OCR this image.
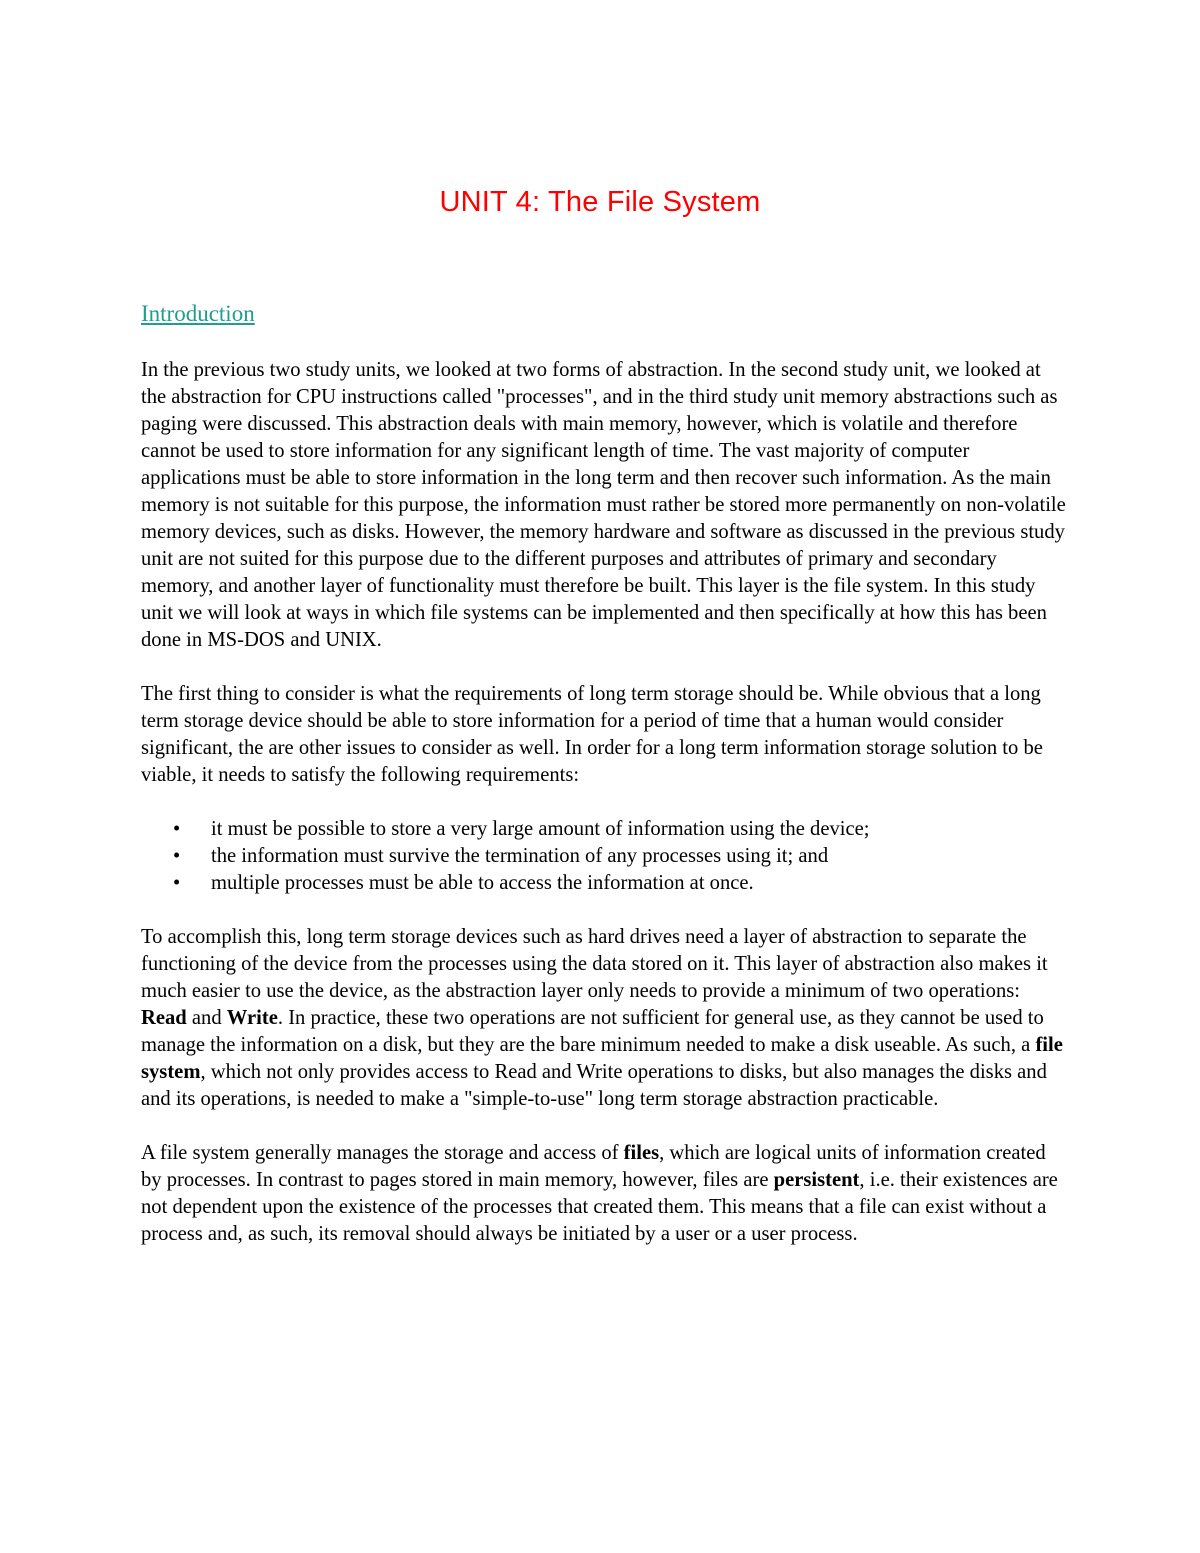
UNIT 4: The File System
Introduction

In the previous two study units, we looked at two forms of abstraction. In the second study unit, we looked at the abstraction for CPU instructions called "processes", and in the third study unit memory abstractions such as paging were discussed. This abstraction deals with main memory, however, which is volatile and therefore cannot be used to store information for any significant length of time. The vast majority of computer applications must be able to store information in the long term and then recover such information. As the main memory is not suitable for this purpose, the information must rather be stored more permanently on non-volatile memory devices, such as disks. However, the memory hardware and software as discussed in the previous study unit are not suited for this purpose due to the different purposes and attributes of primary and secondary memory, and another layer of functionality must therefore be built. This layer is the file system. In this study unit we will look at ways in which file systems can be implemented and then specifically at how this has been done in MS-DOS and UNIX.

The first thing to consider is what the requirements of long term storage should be. While obvious that a long term storage device should be able to store information for a period of time that a human would consider significant, the are other issues to consider as well. In order for a long term information storage solution to be viable, it needs to satisfy the following requirements:

• it must be possible to store a very large amount of information using the device;
• the information must survive the termination of any processes using it; and
• multiple processes must be able to access the information at once.

To accomplish this, long term storage devices such as hard drives need a layer of abstraction to separate the functioning of the device from the processes using the data stored on it. This layer of abstraction also makes it much easier to use the device, as the abstraction layer only needs to provide a minimum of two operations: Read and Write. In practice, these two operations are not sufficient for general use, as they cannot be used to manage the information on a disk, but they are the bare minimum needed to make a disk useable. As such, a file system, which not only provides access to Read and Write operations to disks, but also manages the disks and and its operations, is needed to make a "simple-to-use" long term storage abstraction practicable.

A file system generally manages the storage and access of files, which are logical units of information created by processes. In contrast to pages stored in main memory, however, files are persistent, i.e. their existences are not dependent upon the existence of the processes that created them. This means that a file can exist without a process and, as such, its removal should always be initiated by a user or a user process.
